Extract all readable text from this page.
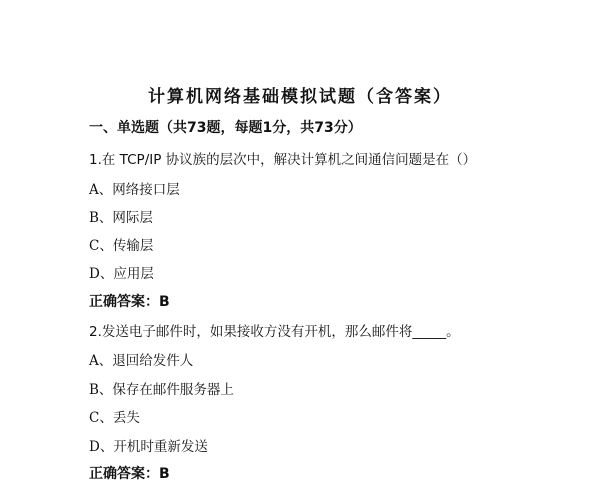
计算机网络基础模拟试题（含答案）
一、单选题（共73题，每题1分，共73分）
1.在 TCP/IP 协议族的层次中，解决计算机之间通信问题是在（）
A、网络接口层
B、网际层
C、传输层
D、应用层
正确答案：B
2.发送电子邮件时，如果接收方没有开机，那么邮件将_____。
A、退回给发件人
B、保存在邮件服务器上
C、丢失
D、开机时重新发送
正确答案：B
